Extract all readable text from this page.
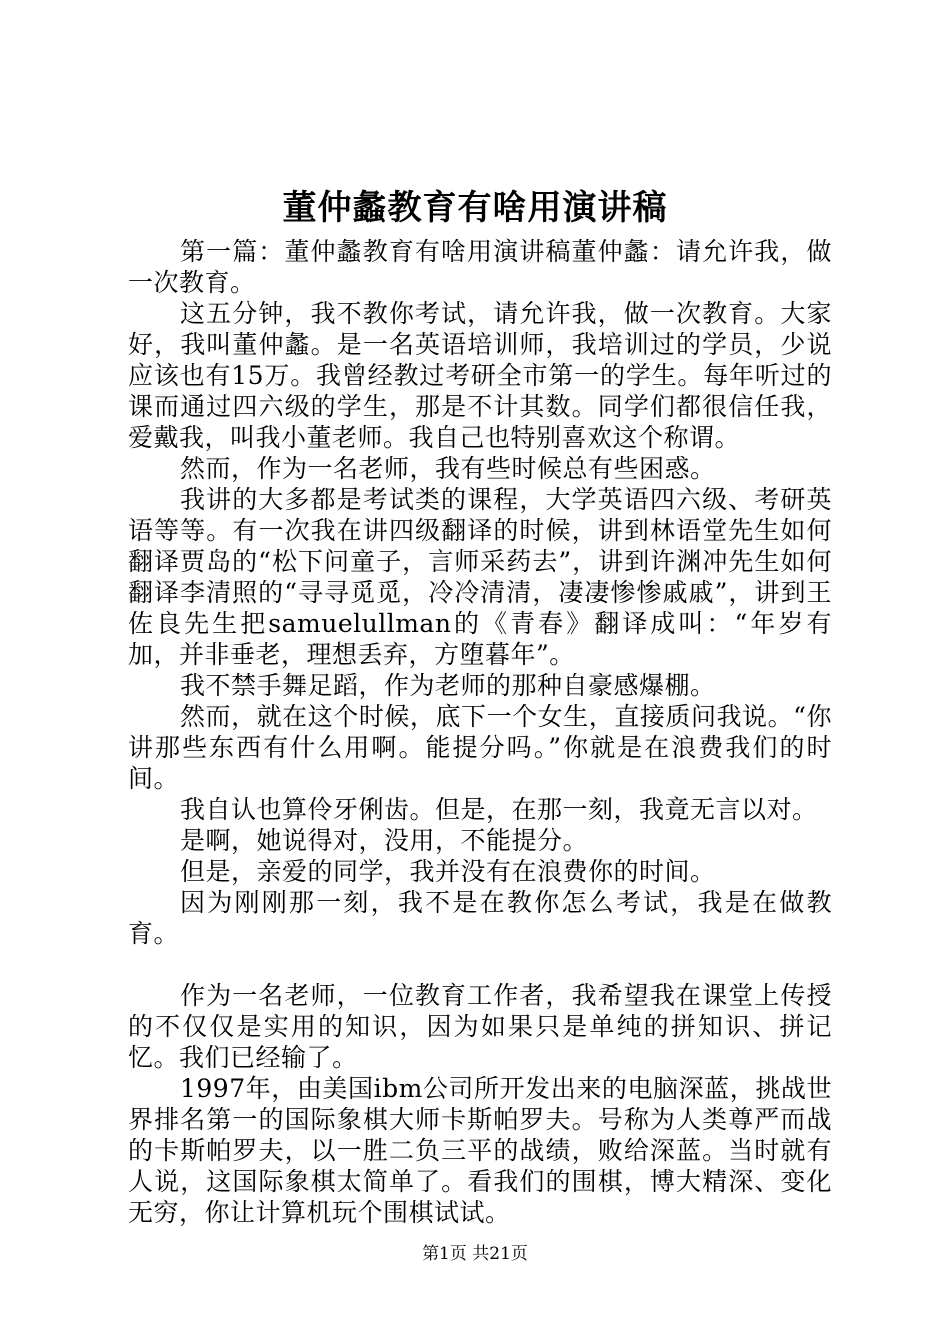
董仲蠡教育有啥用演讲稿

第一篇：董仲蠡教育有啥用演讲稿董仲蠡：请允许我，做一次教育。

这五分钟，我不教你考试，请允许我，做一次教育。大家好，我叫董仲蠡。是一名英语培训师，我培训过的学员，少说应该也有15万。我曾经教过考研全市第一的学生。每年听过的课而通过四六级的学生，那是不计其数。同学们都很信任我，爱戴我，叫我小董老师。我自己也特别喜欢这个称谓。

然而，作为一名老师，我有些时候总有些困惑。

我讲的大多都是考试类的课程，大学英语四六级、考研英语等等。有一次我在讲四级翻译的时候，讲到林语堂先生如何翻译贾岛的“松下问童子，言师采药去”，讲到许渊冲先生如何翻译李清照的“寻寻觅觅，冷冷清清，凄凄惨惨戚戚”，讲到王佐良先生把samuelullman的《青春》翻译成叫：“年岁有加，并非垂老，理想丢弃，方堕暮年”。

我不禁手舞足蹈，作为老师的那种自豪感爆棚。

然而，就在这个时候，底下一个女生，直接质问我说。“你讲那些东西有什么用啊。能提分吗。”你就是在浪费我们的时间。

我自认也算伶牙俐齿。但是，在那一刻，我竟无言以对。

是啊，她说得对，没用，不能提分。

但是，亲爱的同学，我并没有在浪费你的时间。

因为刚刚那一刻，我不是在教你怎么考试，我是在做教育。

作为一名老师，一位教育工作者，我希望我在课堂上传授的不仅仅是实用的知识，因为如果只是单纯的拼知识、拼记忆。我们已经输了。

1997年，由美国ibm公司所开发出来的电脑深蓝，挑战世界排名第一的国际象棋大师卡斯帕罗夫。号称为人类尊严而战的卡斯帕罗夫，以一胜二负三平的战绩，败给深蓝。当时就有人说，这国际象棋太简单了。看我们的围棋，博大精深、变化无穷，你让计算机玩个围棋试试。

第1页 共21页
